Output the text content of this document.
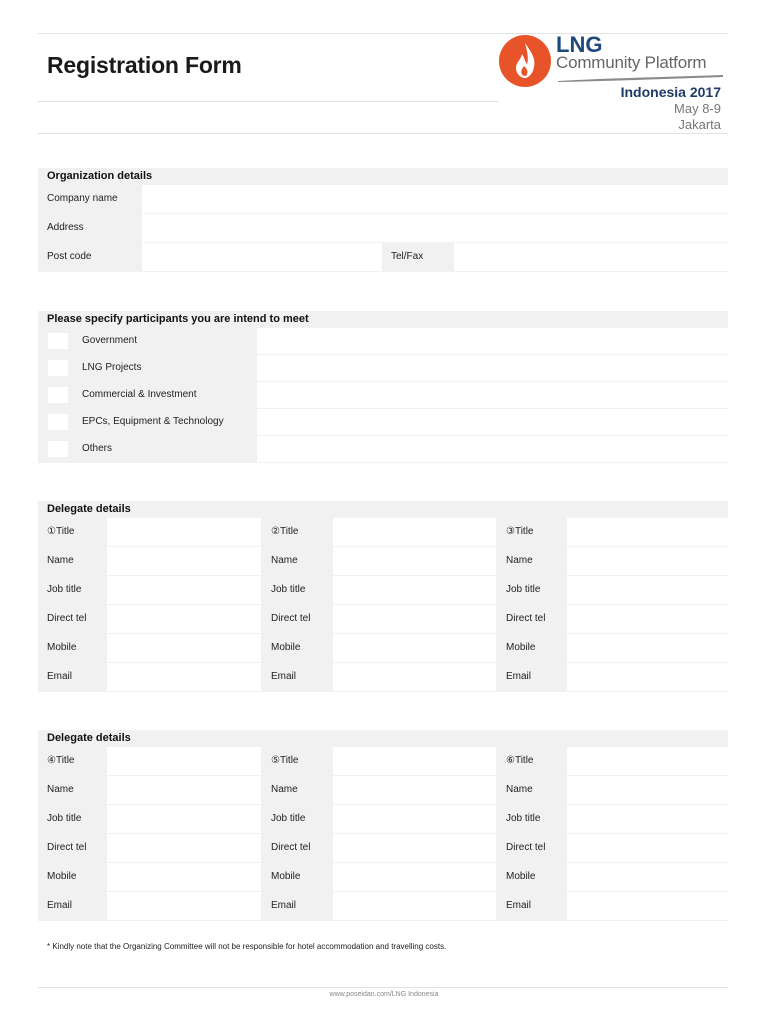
Registration Form
LNG
Community Platform
Indonesia 2017
May 8-9
Jakarta
Organization details
Company name
Address
Post code	Tel/Fax
Please specify participants you are intend to meet
Government
LNG Projects
Commercial & Investment
EPCs, Equipment & Technology
Others
Delegate details
①Title	②Title	③Title
Name	Name	Name
Job title	Job title	Job title
Direct tel	Direct tel	Direct tel
Mobile	Mobile	Mobile
Email	Email	Email
Delegate details
④Title	⑤Title	⑥Title
Name	Name	Name
Job title	Job title	Job title
Direct tel	Direct tel	Direct tel
Mobile	Mobile	Mobile
Email	Email	Email
* Kindly note that the Organizing Committee will not be responsible for hotel accommodation and travelling costs.
www.poseidan.com/LNG Indonesia
